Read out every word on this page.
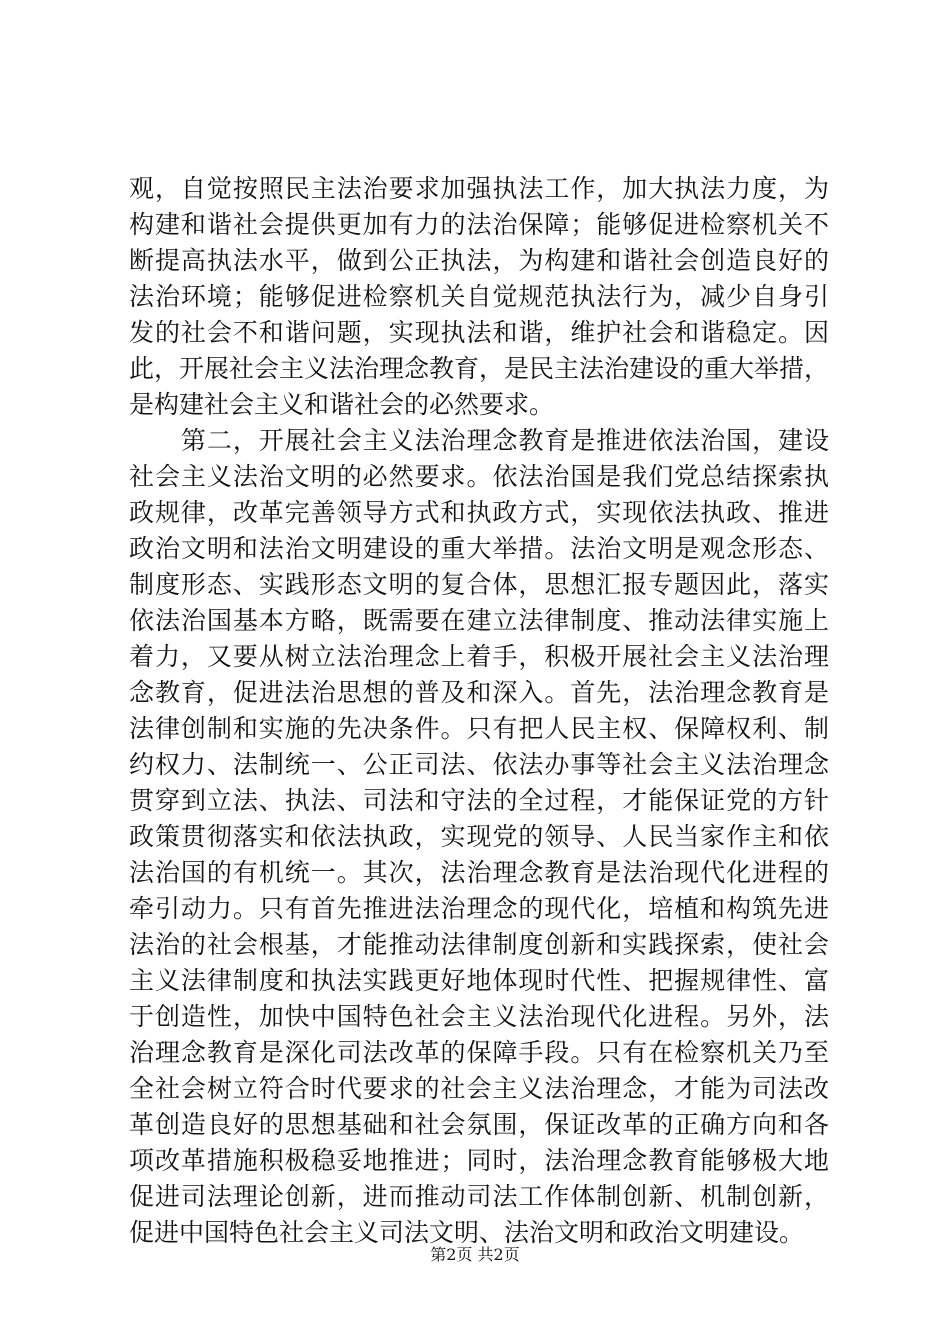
观，自觉按照民主法治要求加强执法工作，加大执法力度，为
构建和谐社会提供更加有力的法治保障；能够促进检察机关不
断提高执法水平，做到公正执法，为构建和谐社会创造良好的
法治环境；能够促进检察机关自觉规范执法行为，减少自身引
发的社会不和谐问题，实现执法和谐，维护社会和谐稳定。因
此，开展社会主义法治理念教育，是民主法治建设的重大举措，
是构建社会主义和谐社会的必然要求。
　　第二，开展社会主义法治理念教育是推进依法治国，建设
社会主义法治文明的必然要求。依法治国是我们党总结探索执
政规律，改革完善领导方式和执政方式，实现依法执政、推进
政治文明和法治文明建设的重大举措。法治文明是观念形态、
制度形态、实践形态文明的复合体，思想汇报专题因此，落实
依法治国基本方略，既需要在建立法律制度、推动法律实施上
着力，又要从树立法治理念上着手，积极开展社会主义法治理
念教育，促进法治思想的普及和深入。首先，法治理念教育是
法律创制和实施的先决条件。只有把人民主权、保障权利、制
约权力、法制统一、公正司法、依法办事等社会主义法治理念
贯穿到立法、执法、司法和守法的全过程，才能保证党的方针
政策贯彻落实和依法执政，实现党的领导、人民当家作主和依
法治国的有机统一。其次，法治理念教育是法治现代化进程的
牵引动力。只有首先推进法治理念的现代化，培植和构筑先进
法治的社会根基，才能推动法律制度创新和实践探索，使社会
主义法律制度和执法实践更好地体现时代性、把握规律性、富
于创造性，加快中国特色社会主义法治现代化进程。另外，法
治理念教育是深化司法改革的保障手段。只有在检察机关乃至
全社会树立符合时代要求的社会主义法治理念，才能为司法改
革创造良好的思想基础和社会氛围，保证改革的正确方向和各
项改革措施积极稳妥地推进；同时，法治理念教育能够极大地
促进司法理论创新，进而推动司法工作体制创新、机制创新，
促进中国特色社会主义司法文明、法治文明和政治文明建设。
第2页 共2页
